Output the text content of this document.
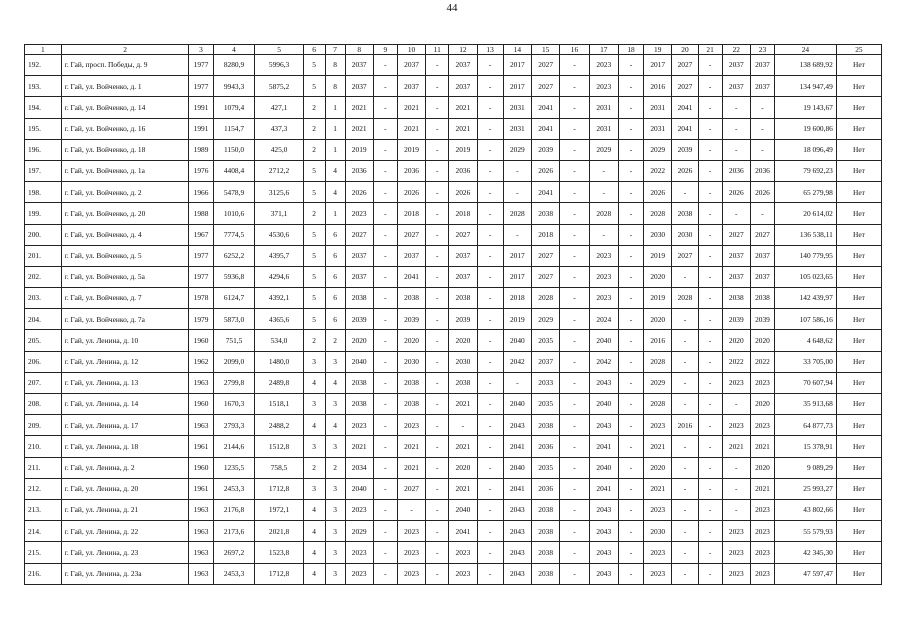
44
1	2	3	4	5	6	7	8	9	10	11	12	13	14	15	16	17	18	19	20	21	22	23	24	25
192.	г. Гай, просп. Победы, д. 9	1977	8280,9	5996,3	5	8	2037	-	2037	-	2037	-	2017	2027	-	2023	-	2017	2027	-	2037	2037	138 689,92	Нет
193.	г. Гай, ул. Войченко, д. 1	1977	9943,3	5875,2	5	8	2037	-	2037	-	2037	-	2017	2027	-	2023	-	2016	2027	-	2037	2037	134 947,49	Нет
194.	г. Гай, ул. Войченко, д. 14	1991	1079,4	427,1	2	1	2021	-	2021	-	2021	-	2031	2041	-	2031	-	2031	2041	-	-	-	19 143,67	Нет
195.	г. Гай, ул. Войченко, д. 16	1991	1154,7	437,3	2	1	2021	-	2021	-	2021	-	2031	2041	-	2031	-	2031	2041	-	-	-	19 600,86	Нет
196.	г. Гай, ул. Войченко, д. 18	1989	1150,0	425,0	2	1	2019	-	2019	-	2019	-	2029	2039	-	2029	-	2029	2039	-	-	-	18 096,49	Нет
197.	г. Гай, ул. Войченко, д. 1а	1976	4408,4	2712,2	5	4	2036	-	2036	-	2036	-	-	2026	-	-	-	2022	2026	-	2036	2036	79 692,23	Нет
198.	г. Гай, ул. Войченко, д. 2	1966	5478,9	3125,6	5	4	2026	-	2026	-	2026	-	-	2041	-	-	-	2026	-	-	2026	2026	65 279,98	Нет
199.	г. Гай, ул. Войченко, д. 20	1988	1010,6	371,1	2	1	2023	-	2018	-	2018	-	2028	2038	-	2028	-	2028	2038	-	-	-	20 614,02	Нет
200.	г. Гай, ул. Войченко, д. 4	1967	7774,5	4530,6	5	6	2027	-	2027	-	2027	-	-	2018	-	-	-	2030	2030	-	2027	2027	136 538,11	Нет
201.	г. Гай, ул. Войченко, д. 5	1977	6252,2	4395,7	5	6	2037	-	2037	-	2037	-	2017	2027	-	2023	-	2019	2027	-	2037	2037	140 779,95	Нет
202.	г. Гай, ул. Войченко, д. 5а	1977	5936,8	4294,6	5	6	2037	-	2041	-	2037	-	2017	2027	-	2023	-	2020	-	-	2037	2037	105 023,65	Нет
203.	г. Гай, ул. Войченко, д. 7	1978	6124,7	4392,1	5	6	2038	-	2038	-	2038	-	2018	2028	-	2023	-	2019	2028	-	2038	2038	142 439,97	Нет
204.	г. Гай, ул. Войченко, д. 7а	1979	5873,0	4365,6	5	6	2039	-	2039	-	2039	-	2019	2029	-	2024	-	2020	-	-	2039	2039	107 586,16	Нет
205.	г. Гай, ул. Ленина, д. 10	1960	751,5	534,0	2	2	2020	-	2020	-	2020	-	2040	2035	-	2040	-	2016	-	-	2020	2020	4 648,62	Нет
206.	г. Гай, ул. Ленина, д. 12	1962	2099,0	1480,0	3	3	2040	-	2030	-	2030	-	2042	2037	-	2042	-	2028	-	-	2022	2022	33 705,00	Нет
207.	г. Гай, ул. Ленина, д. 13	1963	2799,8	2489,8	4	4	2038	-	2038	-	2038	-	-	2033	-	2043	-	2029	-	-	2023	2023	70 607,94	Нет
208.	г. Гай, ул. Ленина, д. 14	1960	1670,3	1518,1	3	3	2038	-	2038	-	2021	-	2040	2035	-	2040	-	2028	-	-	-	2020	35 913,68	Нет
209.	г. Гай, ул. Ленина, д. 17	1963	2793,3	2488,2	4	4	2023	-	2023	-	-	-	2043	2038	-	2043	-	2023	2016	-	2023	2023	64 877,73	Нет
210.	г. Гай, ул. Ленина, д. 18	1961	2144,6	1512,8	3	3	2021	-	2021	-	2021	-	2041	2036	-	2041	-	2021	-	-	2021	2021	15 378,91	Нет
211.	г. Гай, ул. Ленина, д. 2	1960	1235,5	758,5	2	2	2034	-	2021	-	2020	-	2040	2035	-	2040	-	2020	-	-	-	2020	9 089,29	Нет
212.	г. Гай, ул. Ленина, д. 20	1961	2453,3	1712,8	3	3	2040	-	2027	-	2021	-	2041	2036	-	2041	-	2021	-	-	-	2021	25 993,27	Нет
213.	г. Гай, ул. Ленина, д. 21	1963	2176,8	1972,1	4	3	2023	-	-	-	2040	-	2043	2038	-	2043	-	2023	-	-	-	2023	43 802,66	Нет
214.	г. Гай, ул. Ленина, д. 22	1963	2173,6	2021,8	4	3	2029	-	2023	-	2041	-	2043	2038	-	2043	-	2030	-	-	2023	2023	55 579,93	Нет
215.	г. Гай, ул. Ленина, д. 23	1963	2697,2	1523,8	4	3	2023	-	2023	-	2023	-	2043	2038	-	2043	-	2023	-	-	2023	2023	42 345,30	Нет
216.	г. Гай, ул. Ленина, д. 23а	1963	2453,3	1712,8	4	3	2023	-	2023	-	2023	-	2043	2038	-	2043	-	2023	-	-	2023	2023	47 597,47	Нет
